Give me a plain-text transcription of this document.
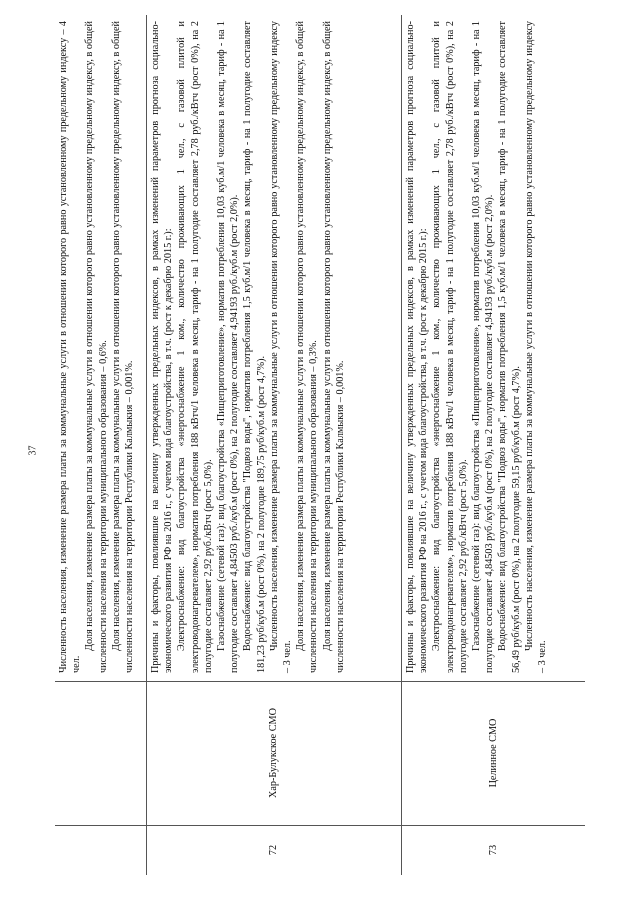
37 Численность населения, изменение размера платы за коммунальные услуги в отношении которого равно установленному предельному индексу – 4 чел.

Доля населения, изменение размера платы за коммунальные услуги в отношении которого равно установленному предельному индексу, в общей численности населения на территории муниципального образования – 0,6%. Доля населения, изменение размера платы за коммунальные услуги в отношении которого равно установленному предельному индексу, в общей численности населения на территории Республики Калмыкия – 0,001%.

72
Хар-Булукское СМО

Причины и факторы, повлиявшие на величину утвержденных предельных индексов, в рамках изменений параметров прогноза социально-экономического развития РФ на 2016 г., с учетом вида благоустройства, в т.ч. (рост к декабрю 2015 г.): Электроснабжение: вид благоустройства «энергоснабжение 1 ком., количество проживающих 1 чел., с газовой плитой и электроводонагревателем», норматив потребления 188 кВтч/1 человека в месяц, тариф - на 1 полугодие составляет 2,78 руб./кВтч (рост 0%), на 2 полугодие составляет 2,92 руб./кВтч (рост 5,0%). Газоснабжение (сетевой газ): вид благоустройства «Пищеприготовление», норматив потребления 10,03 куб.м/1 человека в месяц, тариф - на 1 полугодие составляет 4,84503 руб./куб.м (рост 0%), на 2 полугодие составляет 4,94193 руб./куб.м (рост 2,0%). Водоснабжение: вид благоустройства "Подвоз воды", норматив потребления 1,5 куб.м/1 человека в месяц, тариф - на 1 полугодие составляет 181,23 руб/куб.м (рост 0%), на 2 полугодие 189,75 руб/куб.м (рост 4,7%). Численность населения, изменение размера платы за коммунальные услуги в отношении которого равно установленному предельному индексу – 3 чел.

Доля населения, изменение размера платы за коммунальные услуги в отношении которого равно установленному предельному индексу, в общей численности населения на территории муниципального образования – 0,3%. Доля населения, изменение размера платы за коммунальные услуги в отношении которого равно установленному предельному индексу, в общей численности населения на территории Республики Калмыкия – 0,001%.

73
Целинное СМО

Причины и факторы, повлиявшие на величину утвержденных предельных индексов, в рамках изменений параметров прогноза социально-экономического развития РФ на 2016 г., с учетом вида благоустройства, в т.ч. (рост к декабрю 2015 г.): Электроснабжение: вид благоустройства «энергоснабжение 1 ком., количество проживающих 1 чел., с газовой плитой и электроводонагревателем», норматив потребления 188 кВтч/1 человека в месяц, тариф - на 1 полугодие составляет 2,78 руб./кВтч (рост 0%), на 2 полугодие составляет 2,92 руб./кВтч (рост 5,0%). Газоснабжение (сетевой газ): вид благоустройства «Пищеприготовление», норматив потребления 10,03 куб.м/1 человека в месяц, тариф - на 1 полугодие составляет 4,84503 руб./куб.м (рост 0%), на 2 полугодие составляет 4,94193 руб./куб.м (рост 2,0%). Водоснабжение: вид благоустройства "Подвоз воды", норматив потребления 1,5 куб.м/1 человека в месяц, тариф - на 1 полугодие составляет 56,49 руб/куб.м (рост 0%), на 2 полугодие 59,15 руб/куб.м (рост 4,7%). Численность населения, изменение размера платы за коммунальные услуги в отношении которого равно установленному предельному индексу – 3 чел.
